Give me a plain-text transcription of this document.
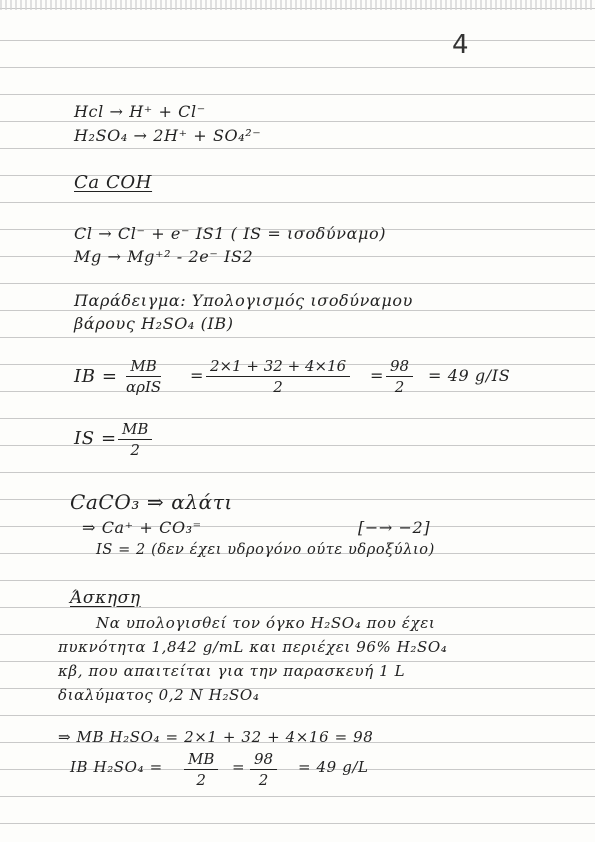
4
Hcl → H⁺ + Cl⁻
H₂SO₄ → 2H⁺ + SO₄²⁻
Ca COH
Cl → Cl⁻ + e⁻ IS1 ( IS = ισοδύναμο)
Mg → Mg⁺² - 2e⁻ IS2
Παράδειγμα: Υπολογισμός ισοδύναμου
βάρους H₂SO₄ (IB)
IB = MB
αρIS
= $\frac{2\times 1 + 32 + 4\times 16}{2} = \frac{98}{2} = 49$ g/IS
IS = $\frac{MB}{2}$
CaCO₃ ⇒ αλάτι
⇒ Ca⁺ + CO₃⁼	[−→ −2]
IS = 2 (δεν έχει υδρογόνο ούτε υδροξύλιο)
Άσκηση
Να υπολογισθεί τον όγκο H₂SO₄ που έχει
πυκνότητα 1,842 g/mL και περιέχει 96% H₂SO₄
κβ, που απαιτείται για την παρασκευή 1 L
διαλύματος 0,2 N H₂SO₄
⇒ MB H₂SO₄ = 2×1 + 32 + 4×16 = 98
IB $H_2SO_4 = \frac{MB}{2} = \frac{98}{2} = 49$ g/L
